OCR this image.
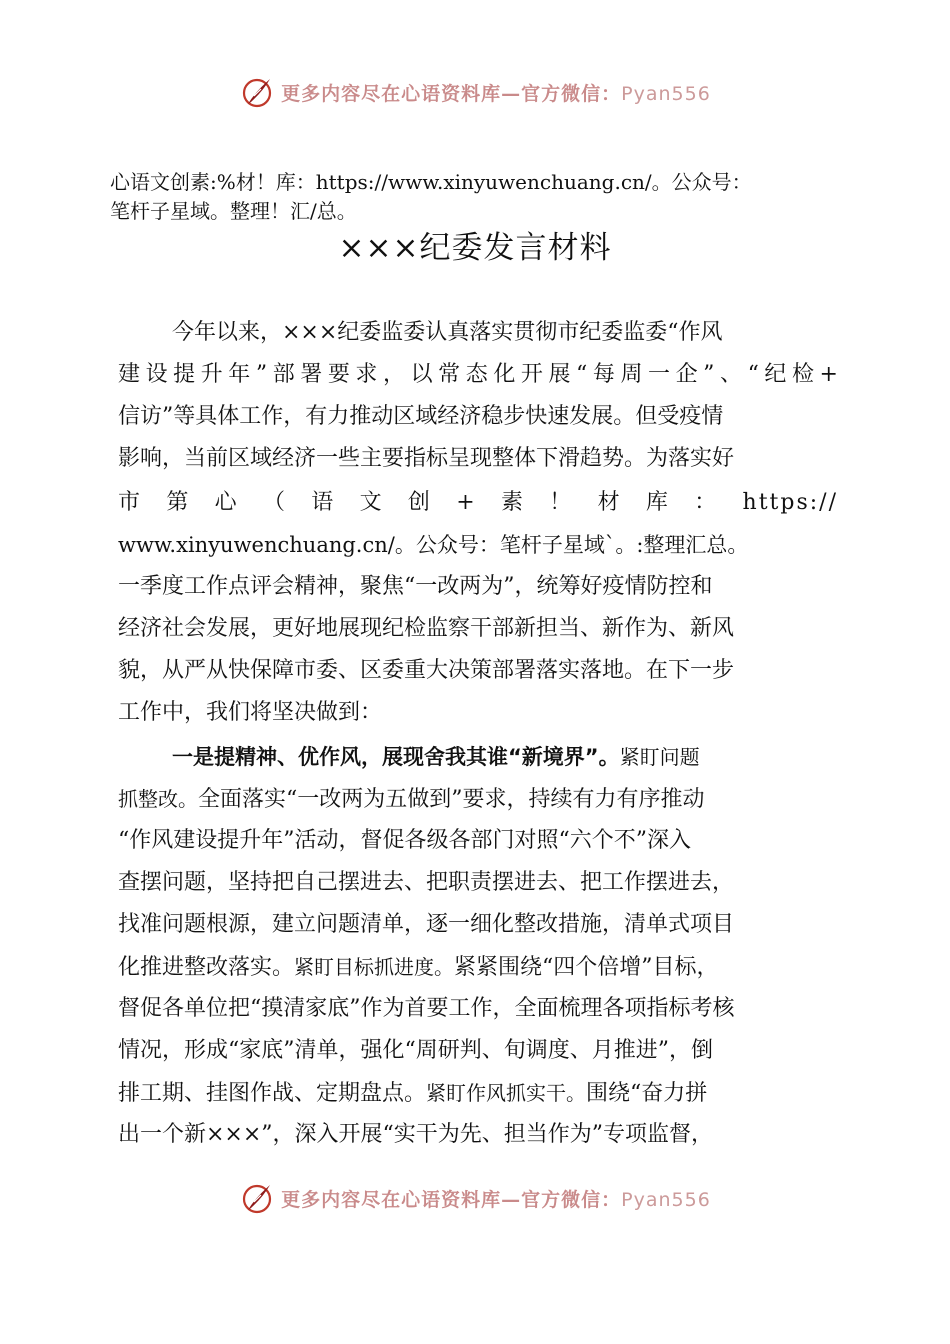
更多内容尽在心语资料库—官方微信：Pyan556

心语文创素:%材！库：https://www.xinyuwenchuang.cn/。公众号：

笔杆子星域。整理！汇/总。

×××纪委发言材料

今年以来，×××纪委监委认真落实贯彻市纪委监委“作风

建设提升年”部署要求，以常态化开展“每周一企”、“纪检+

信访”等具体工作，有力推动区域经济稳步快速发展。但受疫情

影响，当前区域经济一些主要指标呈现整体下滑趋势。为落实好

市第心（语文创+素！材库：https://

www.xinyuwenchuang.cn/。公众号：笔杆子星域`。:整理汇总。

一季度工作点评会精神，聚焦“一改两为”，统筹好疫情防控和

经济社会发展，更好地展现纪检监察干部新担当、新作为、新风

貌，从严从快保障市委、区委重大决策部署落实落地。在下一步

工作中，我们将坚决做到：

一是提精神、优作风，展现舍我其谁“新境界”。紧盯问题

抓整改。全面落实“一改两为五做到”要求，持续有力有序推动

“作风建设提升年”活动，督促各级各部门对照“六个不”深入

查摆问题，坚持把自己摆进去、把职责摆进去、把工作摆进去，

找准问题根源，建立问题清单，逐一细化整改措施，清单式项目

化推进整改落实。紧盯目标抓进度。紧紧围绕“四个倍增”目标，

督促各单位把“摸清家底”作为首要工作，全面梳理各项指标考核

情况，形成“家底”清单，强化“周研判、旬调度、月推进”，倒

排工期、挂图作战、定期盘点。紧盯作风抓实干。围绕“奋力拼

出一个新×××”，深入开展“实干为先、担当作为”专项监督，

更多内容尽在心语资料库—官方微信：Pyan556
